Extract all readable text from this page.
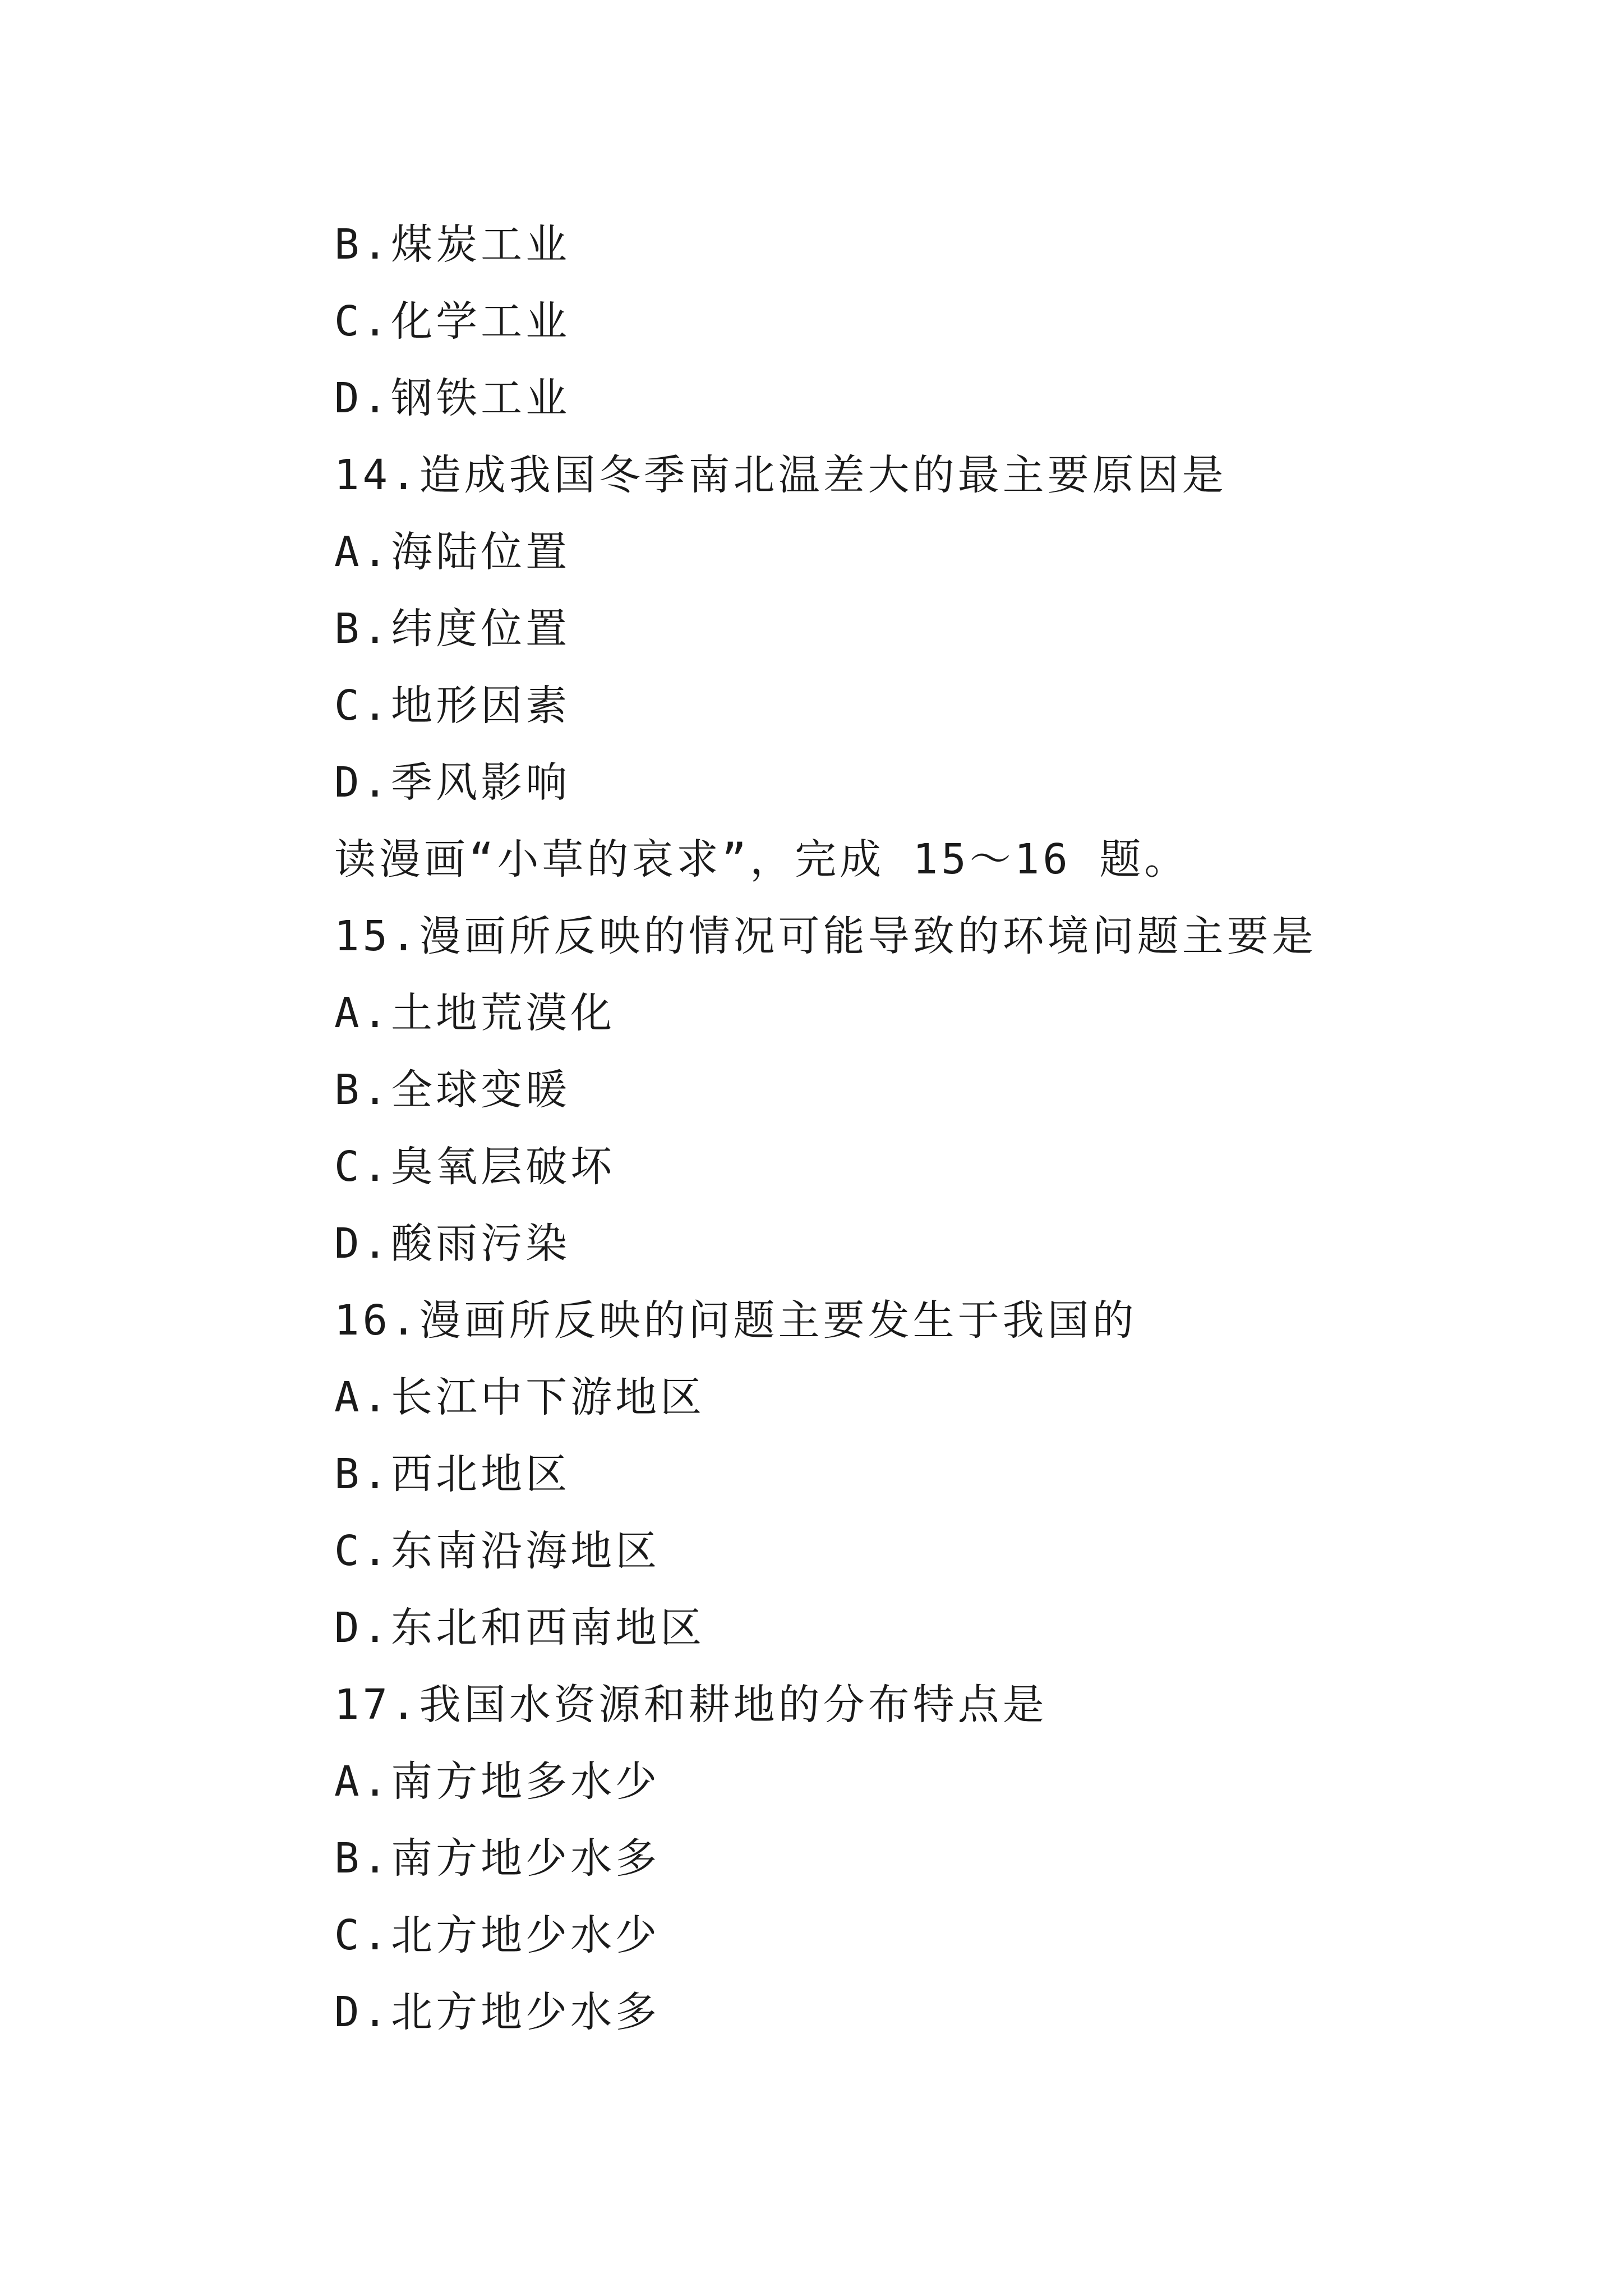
B.煤炭工业
C.化学工业
D.钢铁工业
14.造成我国冬季南北温差大的最主要原因是
A.海陆位置
B.纬度位置
C.地形因素
D.季风影响
读漫画“小草的哀求”，完成 15～16 题。
15.漫画所反映的情况可能导致的环境问题主要是
A.土地荒漠化
B.全球变暖
C.臭氧层破坏
D.酸雨污染
16.漫画所反映的问题主要发生于我国的
A.长江中下游地区
B.西北地区
C.东南沿海地区
D.东北和西南地区
17.我国水资源和耕地的分布特点是
A.南方地多水少
B.南方地少水多
C.北方地少水少
D.北方地少水多
